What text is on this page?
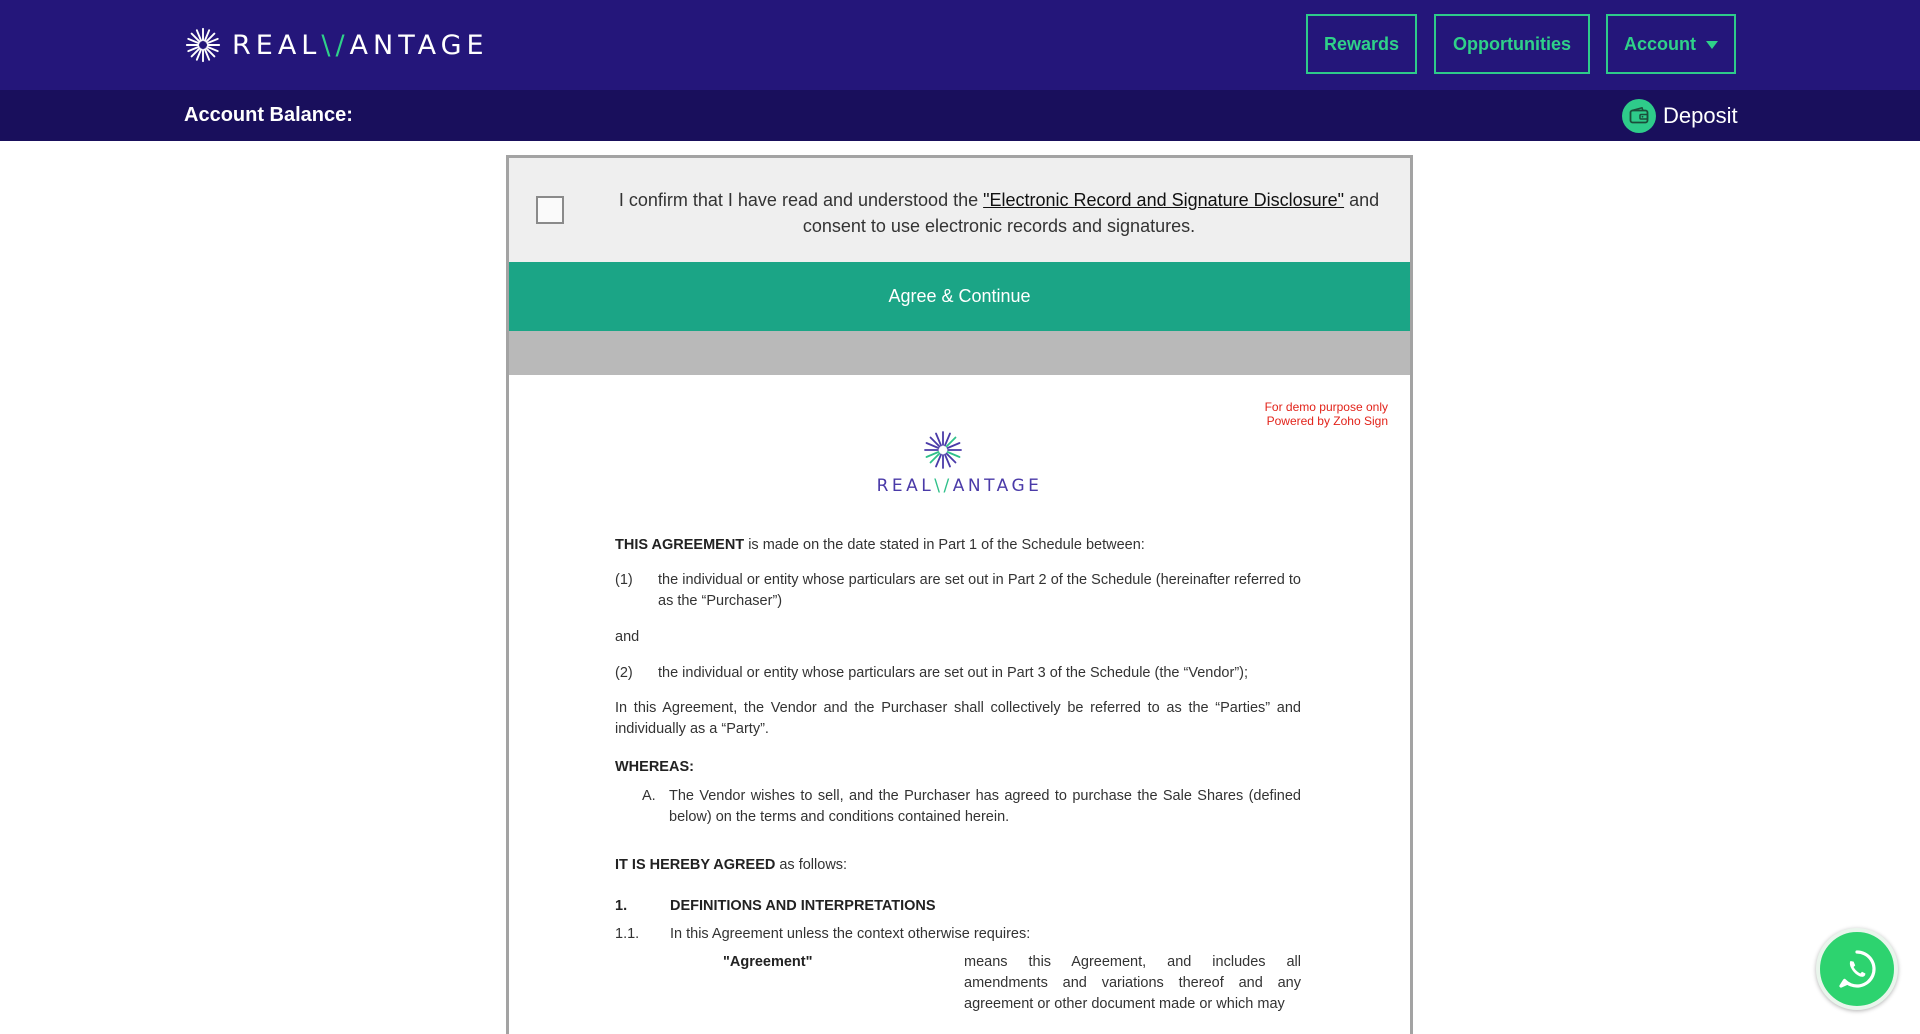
REAL\/ANTAGE	Rewards	Opportunities	Account
Account Balance:	Deposit
I confirm that I have read and understood the "Electronic Record and Signature Disclosure" and consent to use electronic records and signatures.
Agree & Continue
For demo purpose only
Powered by Zoho Sign
REAL\/ANTAGE
THIS AGREEMENT is made on the date stated in Part 1 of the Schedule between:
(1) the individual or entity whose particulars are set out in Part 2 of the Schedule (hereinafter referred to as the “Purchaser”)
and
(2) the individual or entity whose particulars are set out in Part 3 of the Schedule (the “Vendor”);
In this Agreement, the Vendor and the Purchaser shall collectively be referred to as the “Parties” and individually as a “Party”.
WHEREAS:
A. The Vendor wishes to sell, and the Purchaser has agreed to purchase the Sale Shares (defined below) on the terms and conditions contained herein.
IT IS HEREBY AGREED as follows:
1.	DEFINITIONS AND INTERPRETATIONS
1.1. In this Agreement unless the context otherwise requires:
"Agreement"	means this Agreement, and includes all amendments and variations thereof and any agreement or other document made or which may
